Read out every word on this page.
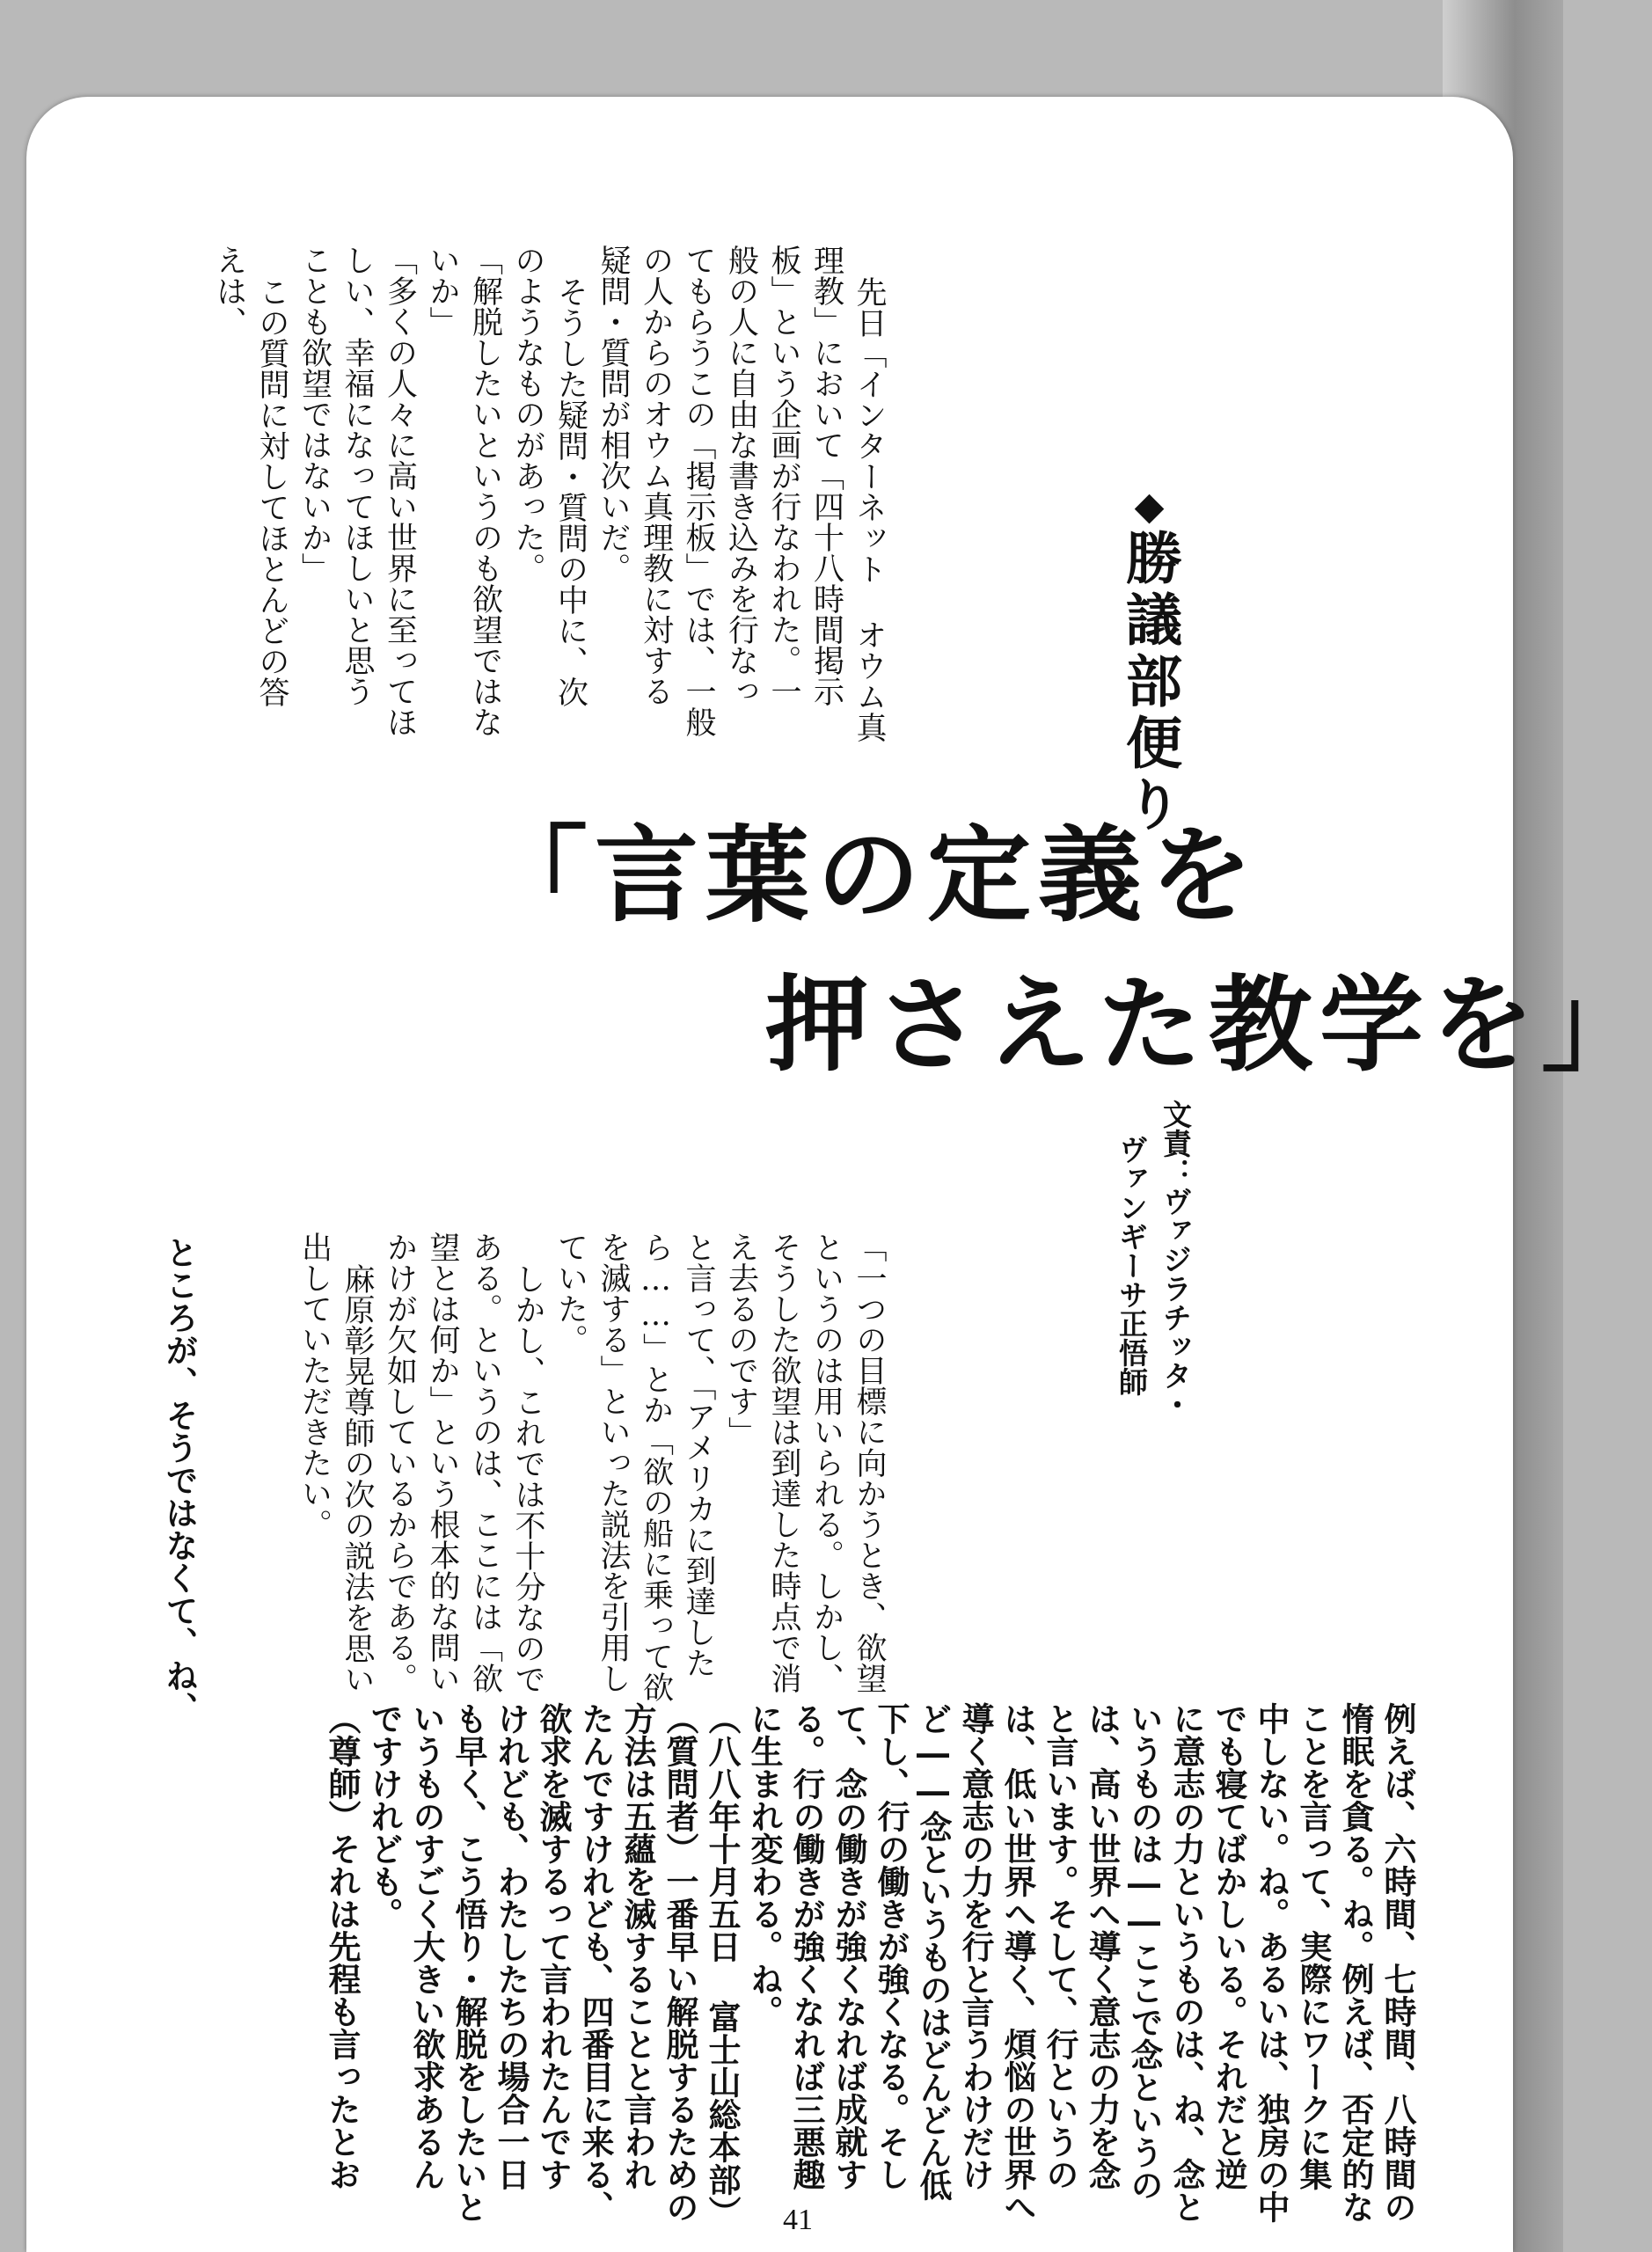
◆勝議部便り
先日「インターネット オウム真
理教」において「四十八時間掲示
板」という企画が行なわれた。一
般の人に自由な書き込みを行なっ
てもらうこの「掲示板」では、一般
の人からのオウム真理教に対する
疑問・質問が相次いだ。
そうした疑問・質問の中に、次
のようなものがあった。
「解脱したいというのも欲望ではな
いか」
「多くの人々に高い世界に至ってほ
しい、幸福になってほしいと思う
ことも欲望ではないか」
この質問に対してほとんどの答
えは、
「言葉の定義を
押さえた教学を」
文責：ヴァジラチッタ・
ヴァンギーサ正悟師
「一つの目標に向かうとき、欲望
というのは用いられる。しかし、
そうした欲望は到達した時点で消
え去るのです」
と言って、「アメリカに到達した
ら……」とか「欲の船に乗って欲
を滅する」といった説法を引用し
ていた。
しかし、これでは不十分なので
ある。というのは、ここには「欲
望とは何か」という根本的な問い
かけが欠如しているからである。
麻原彰晃尊師の次の説法を思い
出していただきたい。
ところが、そうではなくて、ね、
例えば、六時間、七時間、八時間の
惰眠を貪る。ね。例えば、否定的な
ことを言って、実際にワークに集
中しない。ね。あるいは、独房の中
でも寝てばかしいる。それだと逆
に意志の力というものは、ね、念と
いうものは――ここで念というの
は、高い世界へ導く意志の力を念
と言います。そして、行というの
は、低い世界へ導く、煩悩の世界へ
導く意志の力を行と言うわけだけ
ど――念というものはどんどん低
下し、行の働きが強くなる。そし
て、念の働きが強くなれば成就す
る。行の働きが強くなれば三悪趣
に生まれ変わる。ね。
（八八年十月五日 富士山総本部）
（質問者）一番早い解脱するための
方法は五蘊を滅することと言われ
たんですけれども、四番目に来る、
欲求を滅するって言われたんです
けれども、わたしたちの場合一日
も早く、こう悟り・解脱をしたいと
いうものすごく大きい欲求あるん
ですけれども。
（尊師）それは先程も言ったとお
41
